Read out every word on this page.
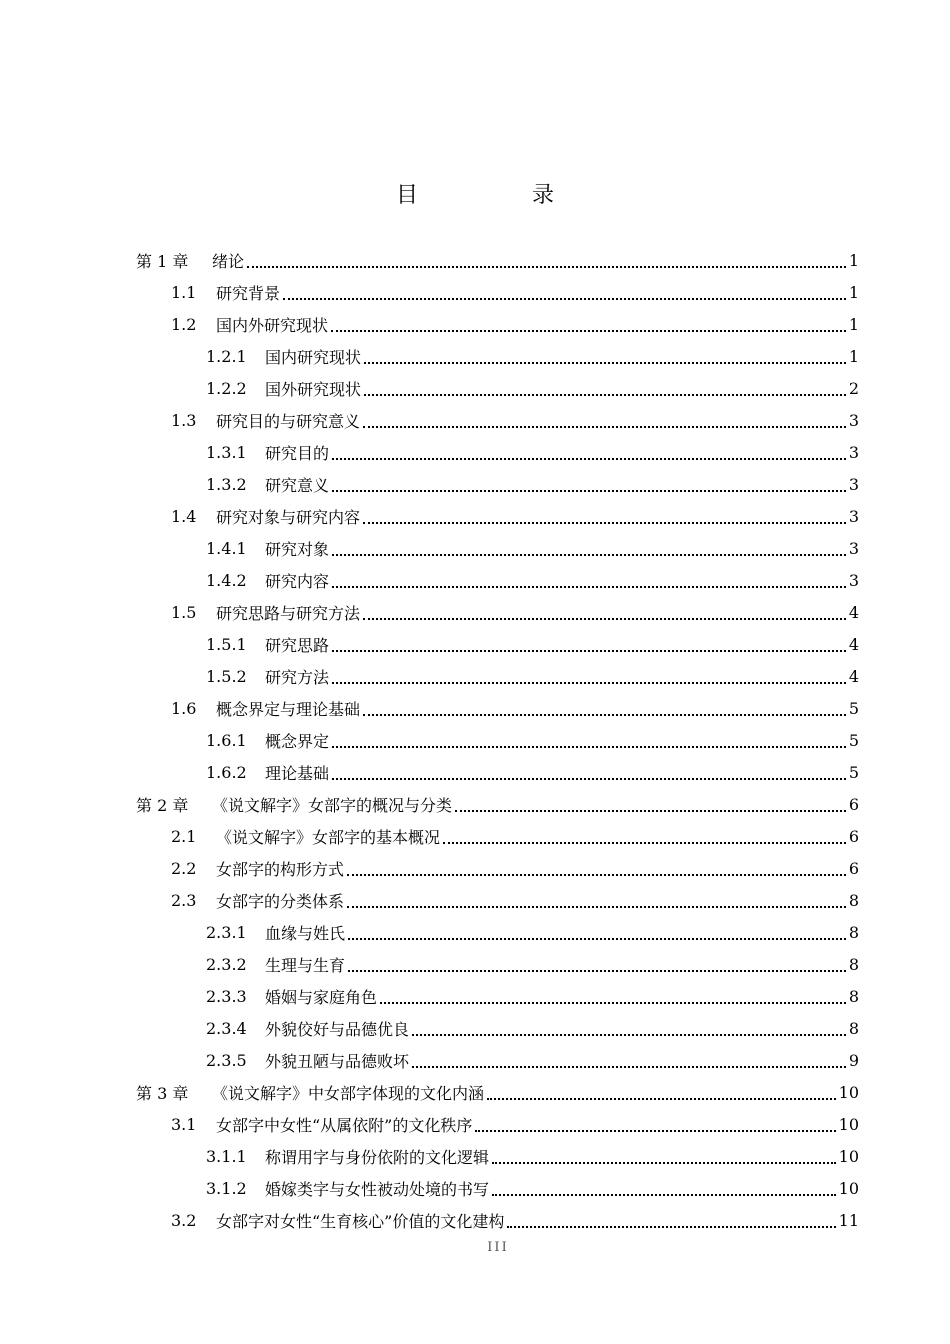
目　录
第 1 章	绪论	1
1.1	研究背景	1
1.2	国内外研究现状	1
1.2.1	国内研究现状	1
1.2.2	国外研究现状	2
1.3	研究目的与研究意义	3
1.3.1	研究目的	3
1.3.2	研究意义	3
1.4	研究对象与研究内容	3
1.4.1	研究对象	3
1.4.2	研究内容	3
1.5	研究思路与研究方法	4
1.5.1	研究思路	4
1.5.2	研究方法	4
1.6	概念界定与理论基础	5
1.6.1	概念界定	5
1.6.2	理论基础	5
第 2 章	《说文解字》女部字的概况与分类	6
2.1	《说文解字》女部字的基本概况	6
2.2	女部字的构形方式	6
2.3	女部字的分类体系	8
2.3.1	血缘与姓氏	8
2.3.2	生理与生育	8
2.3.3	婚姻与家庭角色	8
2.3.4	外貌佼好与品德优良	8
2.3.5	外貌丑陋与品德败坏	9
第 3 章	《说文解字》中女部字体现的文化内涵	10
3.1	女部字中女性“从属依附”的文化秩序	10
3.1.1	称谓用字与身份依附的文化逻辑	10
3.1.2	婚嫁类字与女性被动处境的书写	10
3.2	女部字对女性“生育核心”价值的文化建构	11
III
